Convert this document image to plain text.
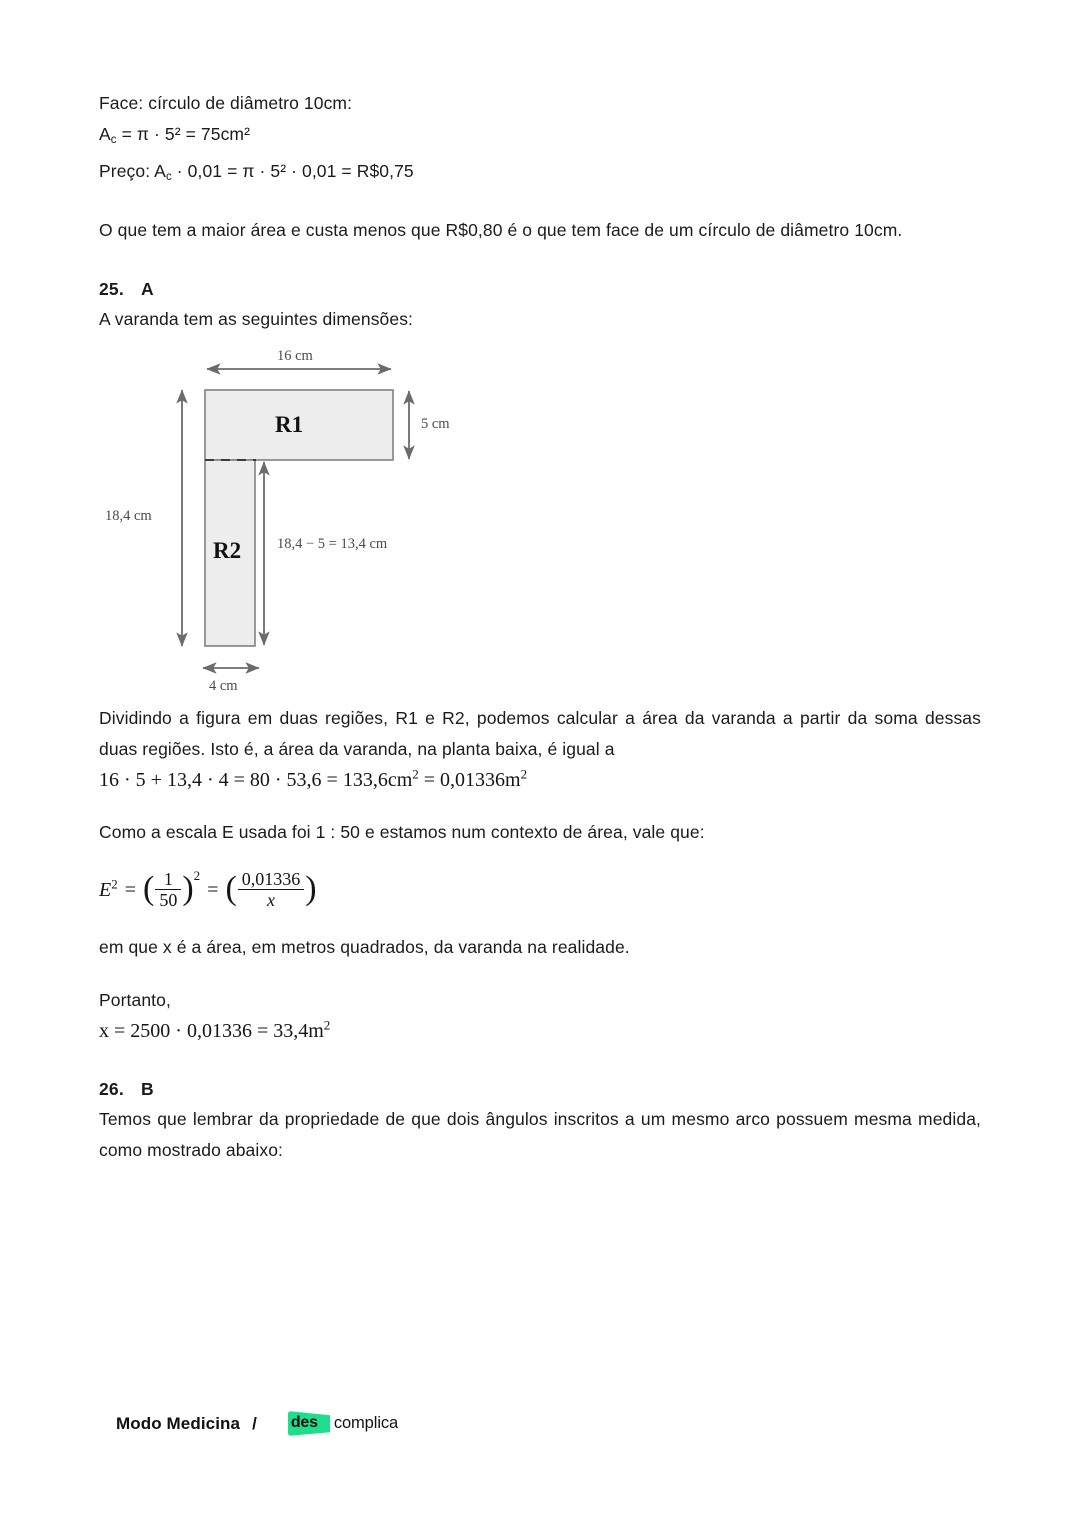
Face: círculo de diâmetro 10cm:
$A_c = \pi \cdot 5^2 = 75cm^2$
Preço: $A_c \cdot 0,01 = \pi \cdot 5^2 \cdot 0,01$ = R$0,75

O que tem a maior área e custa menos que R$0,80 é o que tem face de um círculo de diâmetro 10cm.

25. A
A varanda tem as seguintes dimensões:
16 cm
5 cm
18,4 cm
18,4 − 5 = 13,4 cm
4 cm
R1
R2

Dividindo a figura em duas regiões, R1 e R2, podemos calcular a área da varanda a partir da soma dessas duas regiões. Isto é, a área da varanda, na planta baixa, é igual a

$16 \cdot 5 + 13,4 \cdot 4 = 80 \cdot 53,6 = 133,6cm^2 = 0,01336m^2$

Como a escala E usada foi 1 : 50 e estamos num contexto de área, vale que:

$E^2$ = ( $\frac{1}{50} )^2$ = ( $\frac{0,01336}{x}$ )

em que x é a área, em metros quadrados, da varanda na realidade.

Portanto,
$x = 2500 \cdot 0,01336 = 33,4m^2$
26. B

Temos que lembrar da propriedade de que dois ângulos inscritos a um mesmo arco possuem mesma medida, como mostrado abaixo:

Modo Medicina / des complica
